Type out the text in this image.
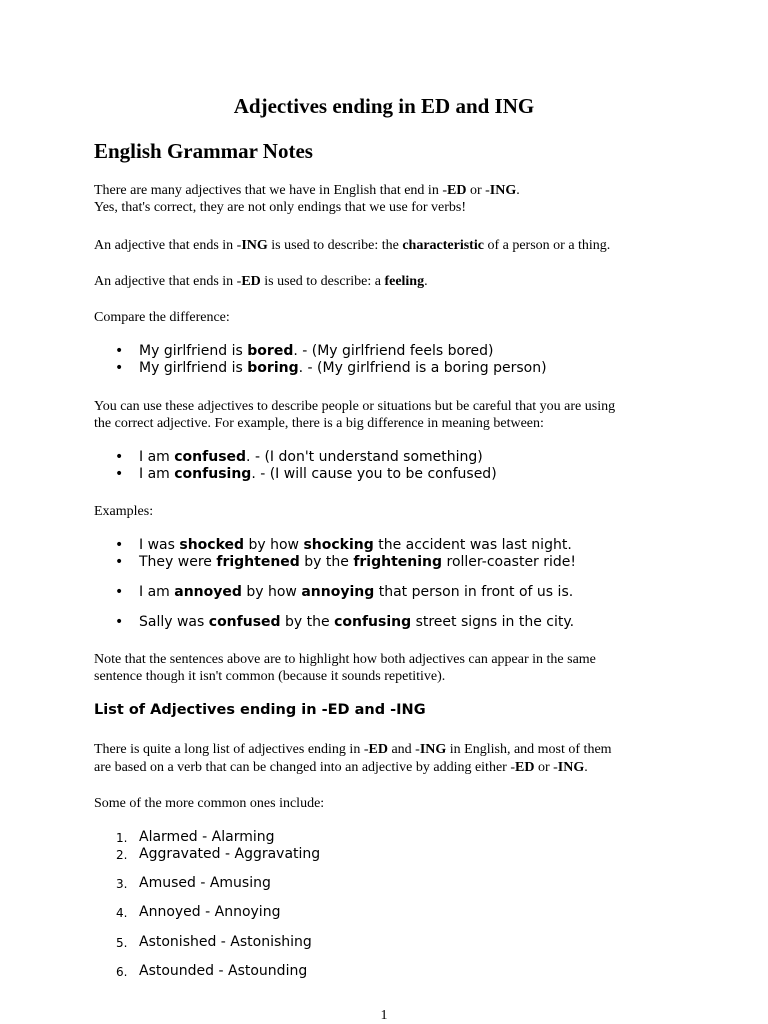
Adjectives ending in ED and ING
English Grammar Notes
There are many adjectives that we have in English that end in -ED or -ING.
Yes, that's correct, they are not only endings that we use for verbs!
An adjective that ends in -ING is used to describe: the characteristic of a person or a thing.
An adjective that ends in -ED is used to describe: a feeling.
Compare the difference:
• My girlfriend is bored. - (My girlfriend feels bored)
• My girlfriend is boring. - (My girlfriend is a boring person)
You can use these adjectives to describe people or situations but be careful that you are using
the correct adjective. For example, there is a big difference in meaning between:
• I am confused. - (I don't understand something)
• I am confusing. - (I will cause you to be confused)
Examples:
• I was shocked by how shocking the accident was last night.
• They were frightened by the frightening roller-coaster ride!
• I am annoyed by how annoying that person in front of us is.
• Sally was confused by the confusing street signs in the city.
Note that the sentences above are to highlight how both adjectives can appear in the same
sentence though it isn't common (because it sounds repetitive).
List of Adjectives ending in -ED and -ING
There is quite a long list of adjectives ending in -ED and -ING in English, and most of them
are based on a verb that can be changed into an adjective by adding either -ED or -ING.
Some of the more common ones include:
1. Alarmed - Alarming
2. Aggravated - Aggravating
3. Amused - Amusing
4. Annoyed - Annoying
5. Astonished - Astonishing
6. Astounded - Astounding
1
